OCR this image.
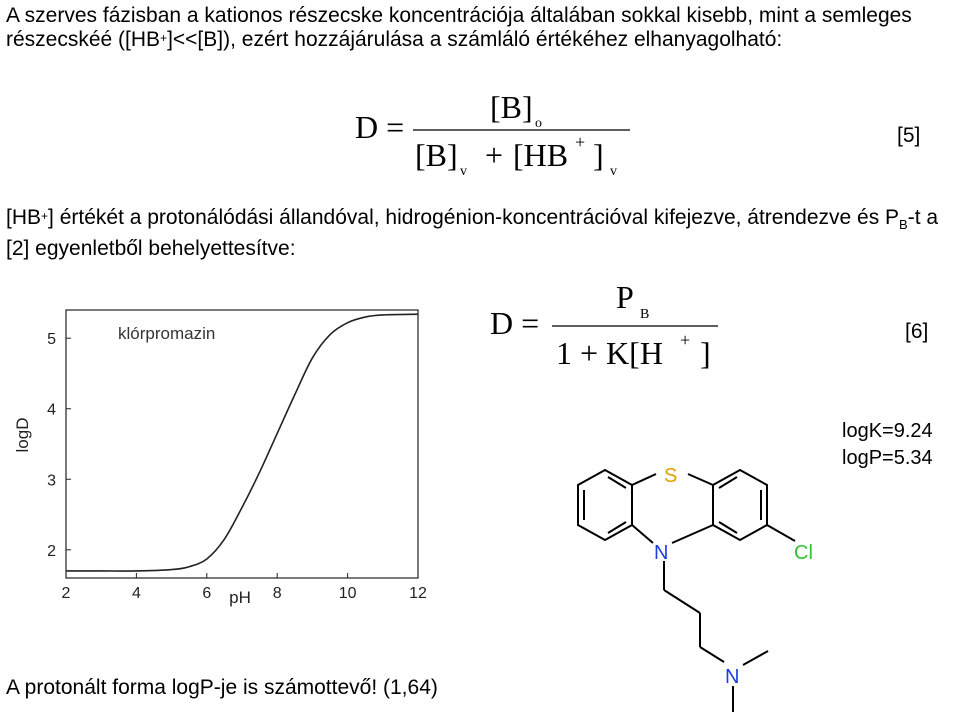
A szerves fázisban a kationos részecske koncentrációja általában sokkal kisebb, mint a semleges részecskéé ([HB+]<<[B]), ezért hozzájárulása a számláló értékéhez elhanyagolható:
D =
[B] o
[B] v + [HB + ] v
[5]
[HB+] értékét a protonálódási állandóval, hidrogénion-koncentrációval kifejezve, átrendezve és $P_B-t$ a [2] egyenletből behelyettesítve:
D =
P B
1 + K[H + ]
[6]
2	4	6	8	10	12
2
3
4
5	klórpromazin
pH
logD
S
N	Cl
N
logK=9.24
logP=5.34
A protonált forma logP-je is számottevő! (1,64)
